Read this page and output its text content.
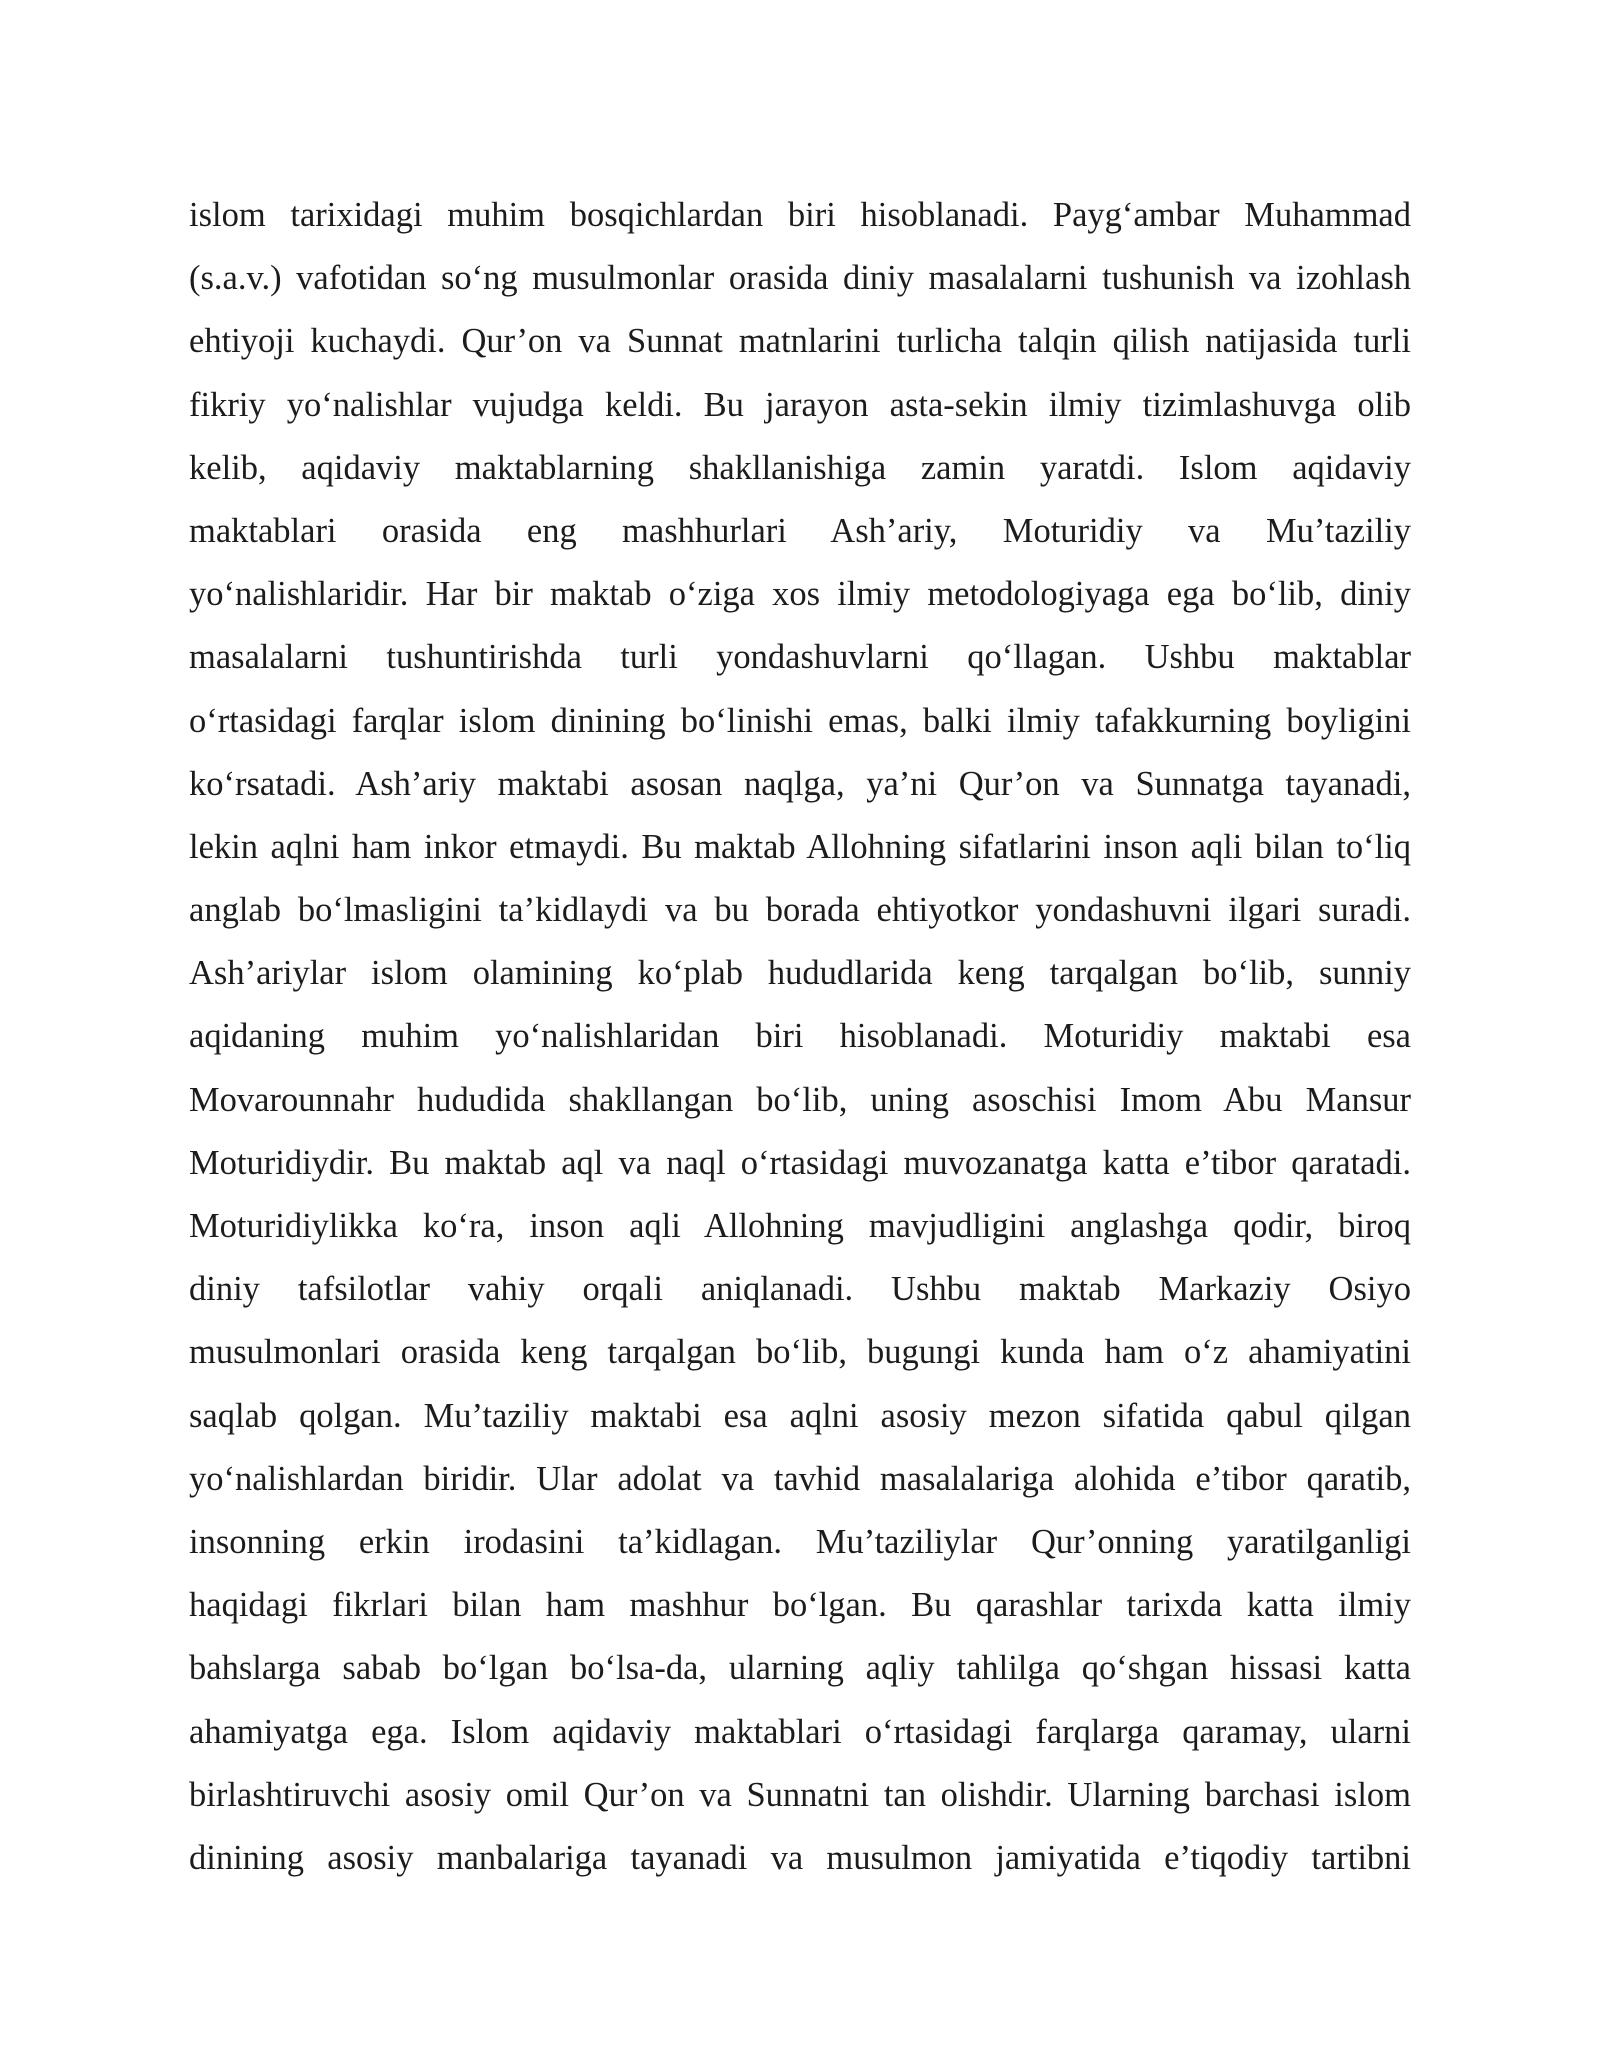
islom tarixidagi muhim bosqichlardan biri hisoblanadi. Payg‘ambar Muhammad
(s.a.v.) vafotidan so‘ng musulmonlar orasida diniy masalalarni tushunish va izohlash
ehtiyoji kuchaydi. Qur’on va Sunnat matnlarini turlicha talqin qilish natijasida turli
fikriy yo‘nalishlar vujudga keldi. Bu jarayon asta-sekin ilmiy tizimlashuvga olib
kelib, aqidaviy maktablarning shakllanishiga zamin yaratdi. Islom aqidaviy
maktablari orasida eng mashhurlari Ash’ariy, Moturidiy va Mu’taziliy
yo‘nalishlaridir. Har bir maktab o‘ziga xos ilmiy metodologiyaga ega bo‘lib, diniy
masalalarni tushuntirishda turli yondashuvlarni qo‘llagan. Ushbu maktablar
o‘rtasidagi farqlar islom dinining bo‘linishi emas, balki ilmiy tafakkurning boyligini
ko‘rsatadi. Ash’ariy maktabi asosan naqlga, ya’ni Qur’on va Sunnatga tayanadi,
lekin aqlni ham inkor etmaydi. Bu maktab Allohning sifatlarini inson aqli bilan to‘liq
anglab bo‘lmasligini ta’kidlaydi va bu borada ehtiyotkor yondashuvni ilgari suradi.
Ash’ariylar islom olamining ko‘plab hududlarida keng tarqalgan bo‘lib, sunniy
aqidaning muhim yo‘nalishlaridan biri hisoblanadi. Moturidiy maktabi esa
Movarounnahr hududida shakllangan bo‘lib, uning asoschisi Imom Abu Mansur
Moturidiydir. Bu maktab aql va naql o‘rtasidagi muvozanatga katta e’tibor qaratadi.
Moturidiylikka ko‘ra, inson aqli Allohning mavjudligini anglashga qodir, biroq
diniy tafsilotlar vahiy orqali aniqlanadi. Ushbu maktab Markaziy Osiyo
musulmonlari orasida keng tarqalgan bo‘lib, bugungi kunda ham o‘z ahamiyatini
saqlab qolgan. Mu’taziliy maktabi esa aqlni asosiy mezon sifatida qabul qilgan
yo‘nalishlardan biridir. Ular adolat va tavhid masalalariga alohida e’tibor qaratib,
insonning erkin irodasini ta’kidlagan. Mu’taziliylar Qur’onning yaratilganligi
haqidagi fikrlari bilan ham mashhur bo‘lgan. Bu qarashlar tarixda katta ilmiy
bahslarga sabab bo‘lgan bo‘lsa-da, ularning aqliy tahlilga qo‘shgan hissasi katta
ahamiyatga ega. Islom aqidaviy maktablari o‘rtasidagi farqlarga qaramay, ularni
birlashtiruvchi asosiy omil Qur’on va Sunnatni tan olishdir. Ularning barchasi islom
dinining asosiy manbalariga tayanadi va musulmon jamiyatida e’tiqodiy tartibni
